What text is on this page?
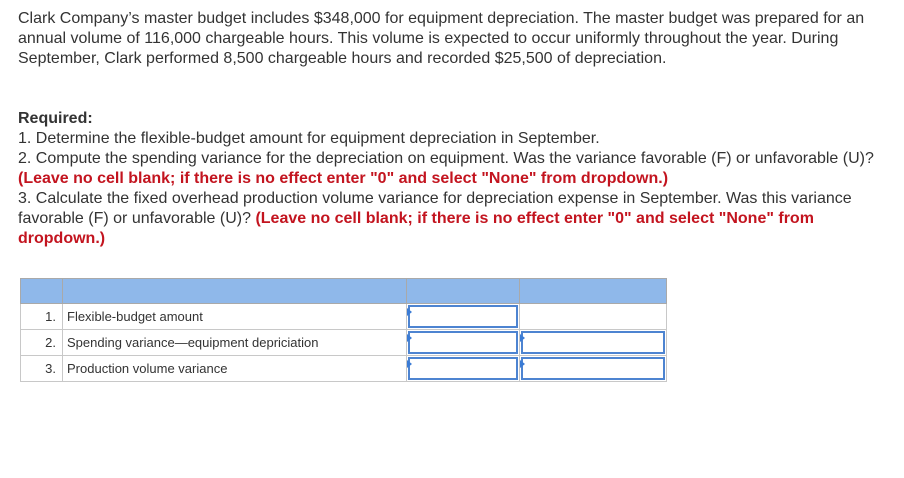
Clark Company’s master budget includes $348,000 for equipment depreciation. The master budget was prepared for an annual volume of 116,000 chargeable hours. This volume is expected to occur uniformly throughout the year. During September, Clark performed 8,500 chargeable hours and recorded $25,500 of depreciation.

Required:
1. Determine the flexible-budget amount for equipment depreciation in September.
2. Compute the spending variance for the depreciation on equipment. Was the variance favorable (F) or unfavorable (U)? (Leave no cell blank; if there is no effect enter "0" and select "None" from dropdown.)
3. Calculate the fixed overhead production volume variance for depreciation expense in September. Was this variance favorable (F) or unfavorable (U)? (Leave no cell blank; if there is no effect enter "0" and select "None" from dropdown.)

1.	Flexible-budget amount	

2.	Spending variance—equipment depriciation	

3.	Production volume variance	
